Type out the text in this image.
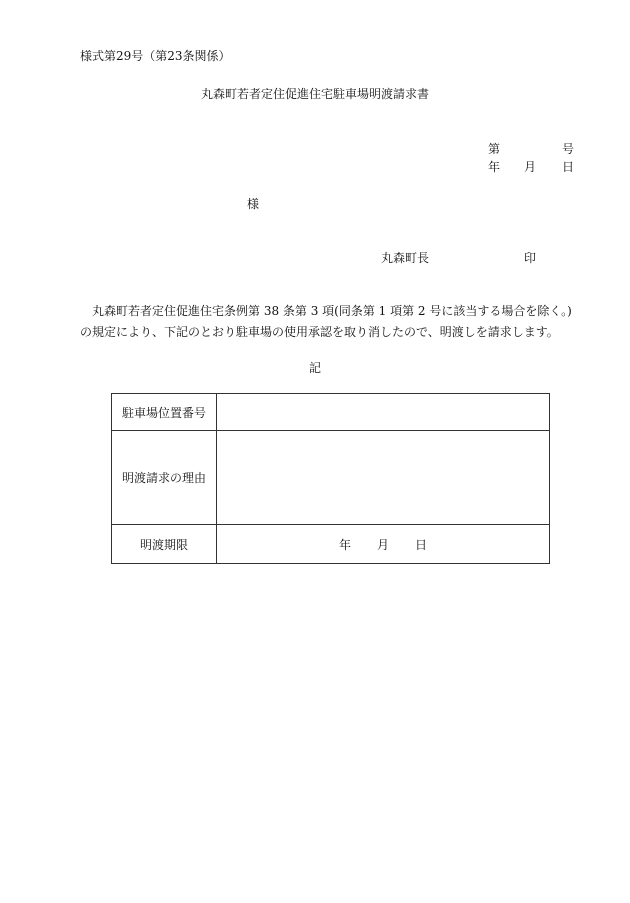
様式第29号（第23条関係）
丸森町若者定住促進住宅駐車場明渡請求書
第	号
年 月 日
様
丸森町長	印
丸森町若者定住促進住宅条例第 38 条第 3 項(同条第 1 項第 2 号に該当する場合を除く。)
の規定により、下記のとおり駐車場の使用承認を取り消したので、明渡しを請求します。
記
駐車場位置番号	
明渡請求の理由	
明渡期限	年 月 日
